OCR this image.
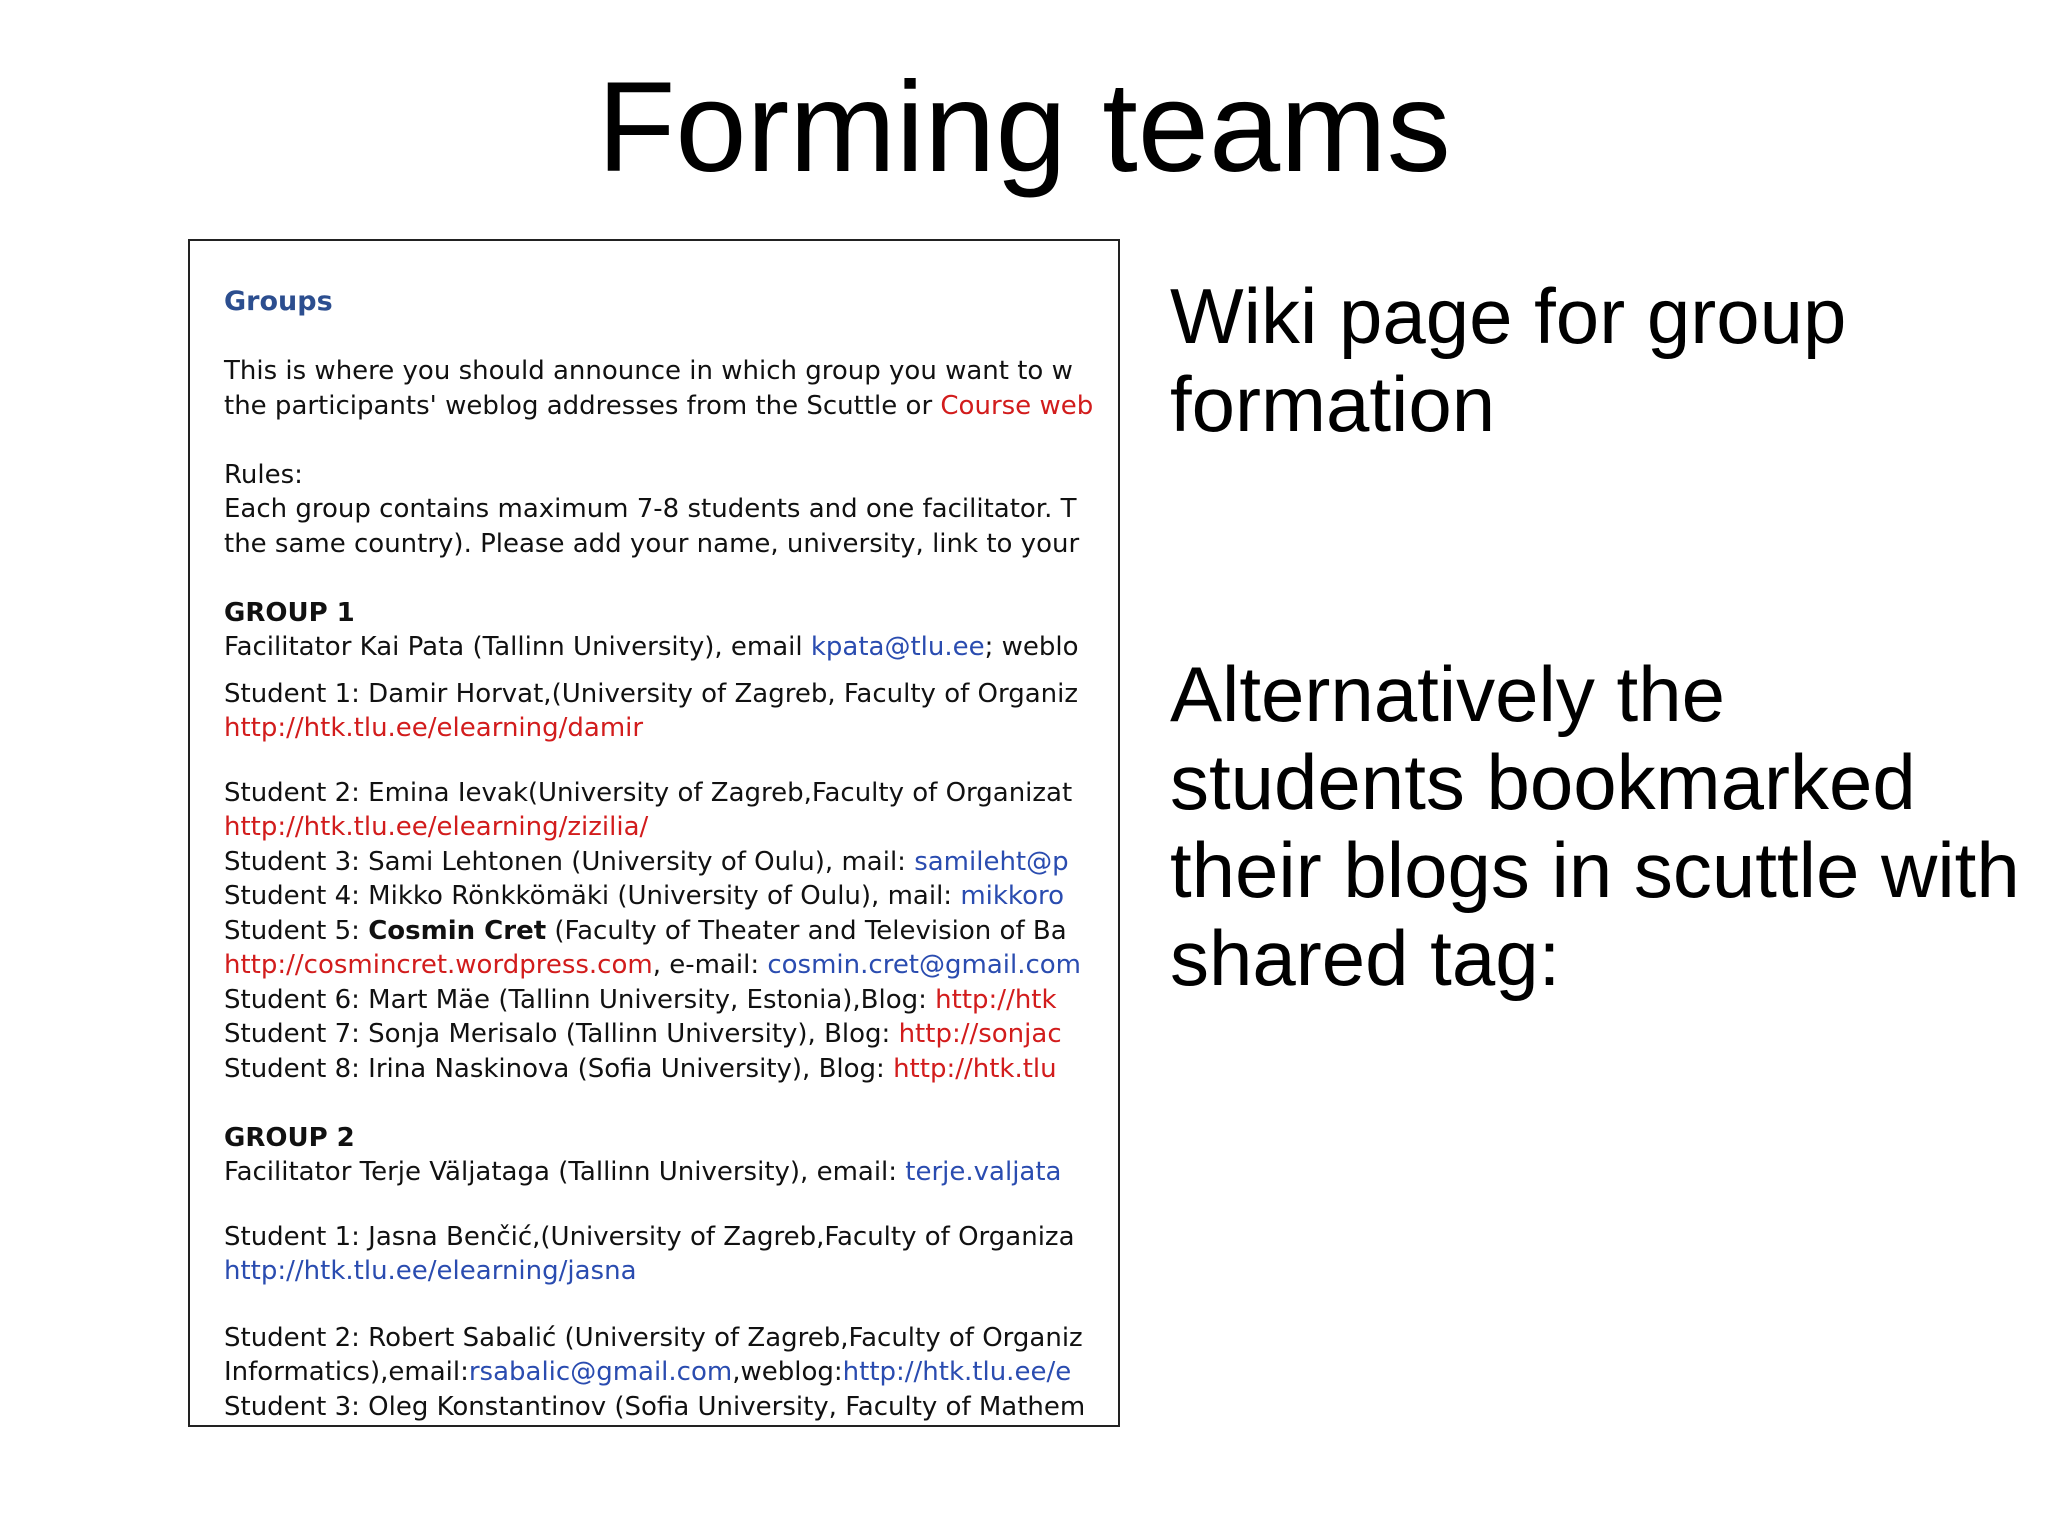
Forming teams
Groups
This is where you should announce in which group you want to w
the participants' weblog addresses from the Scuttle or Course web
Rules:
Each group contains maximum 7-8 students and one facilitator. T
the same country). Please add your name, university, link to your
GROUP 1
Facilitator Kai Pata (Tallinn University), email kpata@tlu.ee; weblo
Student 1: Damir Horvat,(University of Zagreb, Faculty of Organiz
http://htk.tlu.ee/elearning/damir
Student 2: Emina Ievak(University of Zagreb,Faculty of Organizat
http://htk.tlu.ee/elearning/zizilia/
Student 3: Sami Lehtonen (University of Oulu), mail: samileht@p
Student 4: Mikko Rönkkömäki (University of Oulu), mail: mikkoro
Student 5: Cosmin Cret (Faculty of Theater and Television of Ba
http://cosmincret.wordpress.com, e-mail: cosmin.cret@gmail.com
Student 6: Mart Mäe (Tallinn University, Estonia),Blog: http://htk
Student 7: Sonja Merisalo (Tallinn University), Blog: http://sonjac
Student 8: Irina Naskinova (Sofia University), Blog: http://htk.tlu
GROUP 2
Facilitator Terje Väljataga (Tallinn University), email: terje.valjata
Student 1: Jasna Benčić,(University of Zagreb,Faculty of Organiza
http://htk.tlu.ee/elearning/jasna
Student 2: Robert Sabalić (University of Zagreb,Faculty of Organiz
Informatics),email:rsabalic@gmail.com,weblog:http://htk.tlu.ee/e
Student 3: Oleg Konstantinov (Sofia University, Faculty of Mathem
Wiki page for group formation
Alternatively the students bookmarked their blogs in scuttle with shared tag:
